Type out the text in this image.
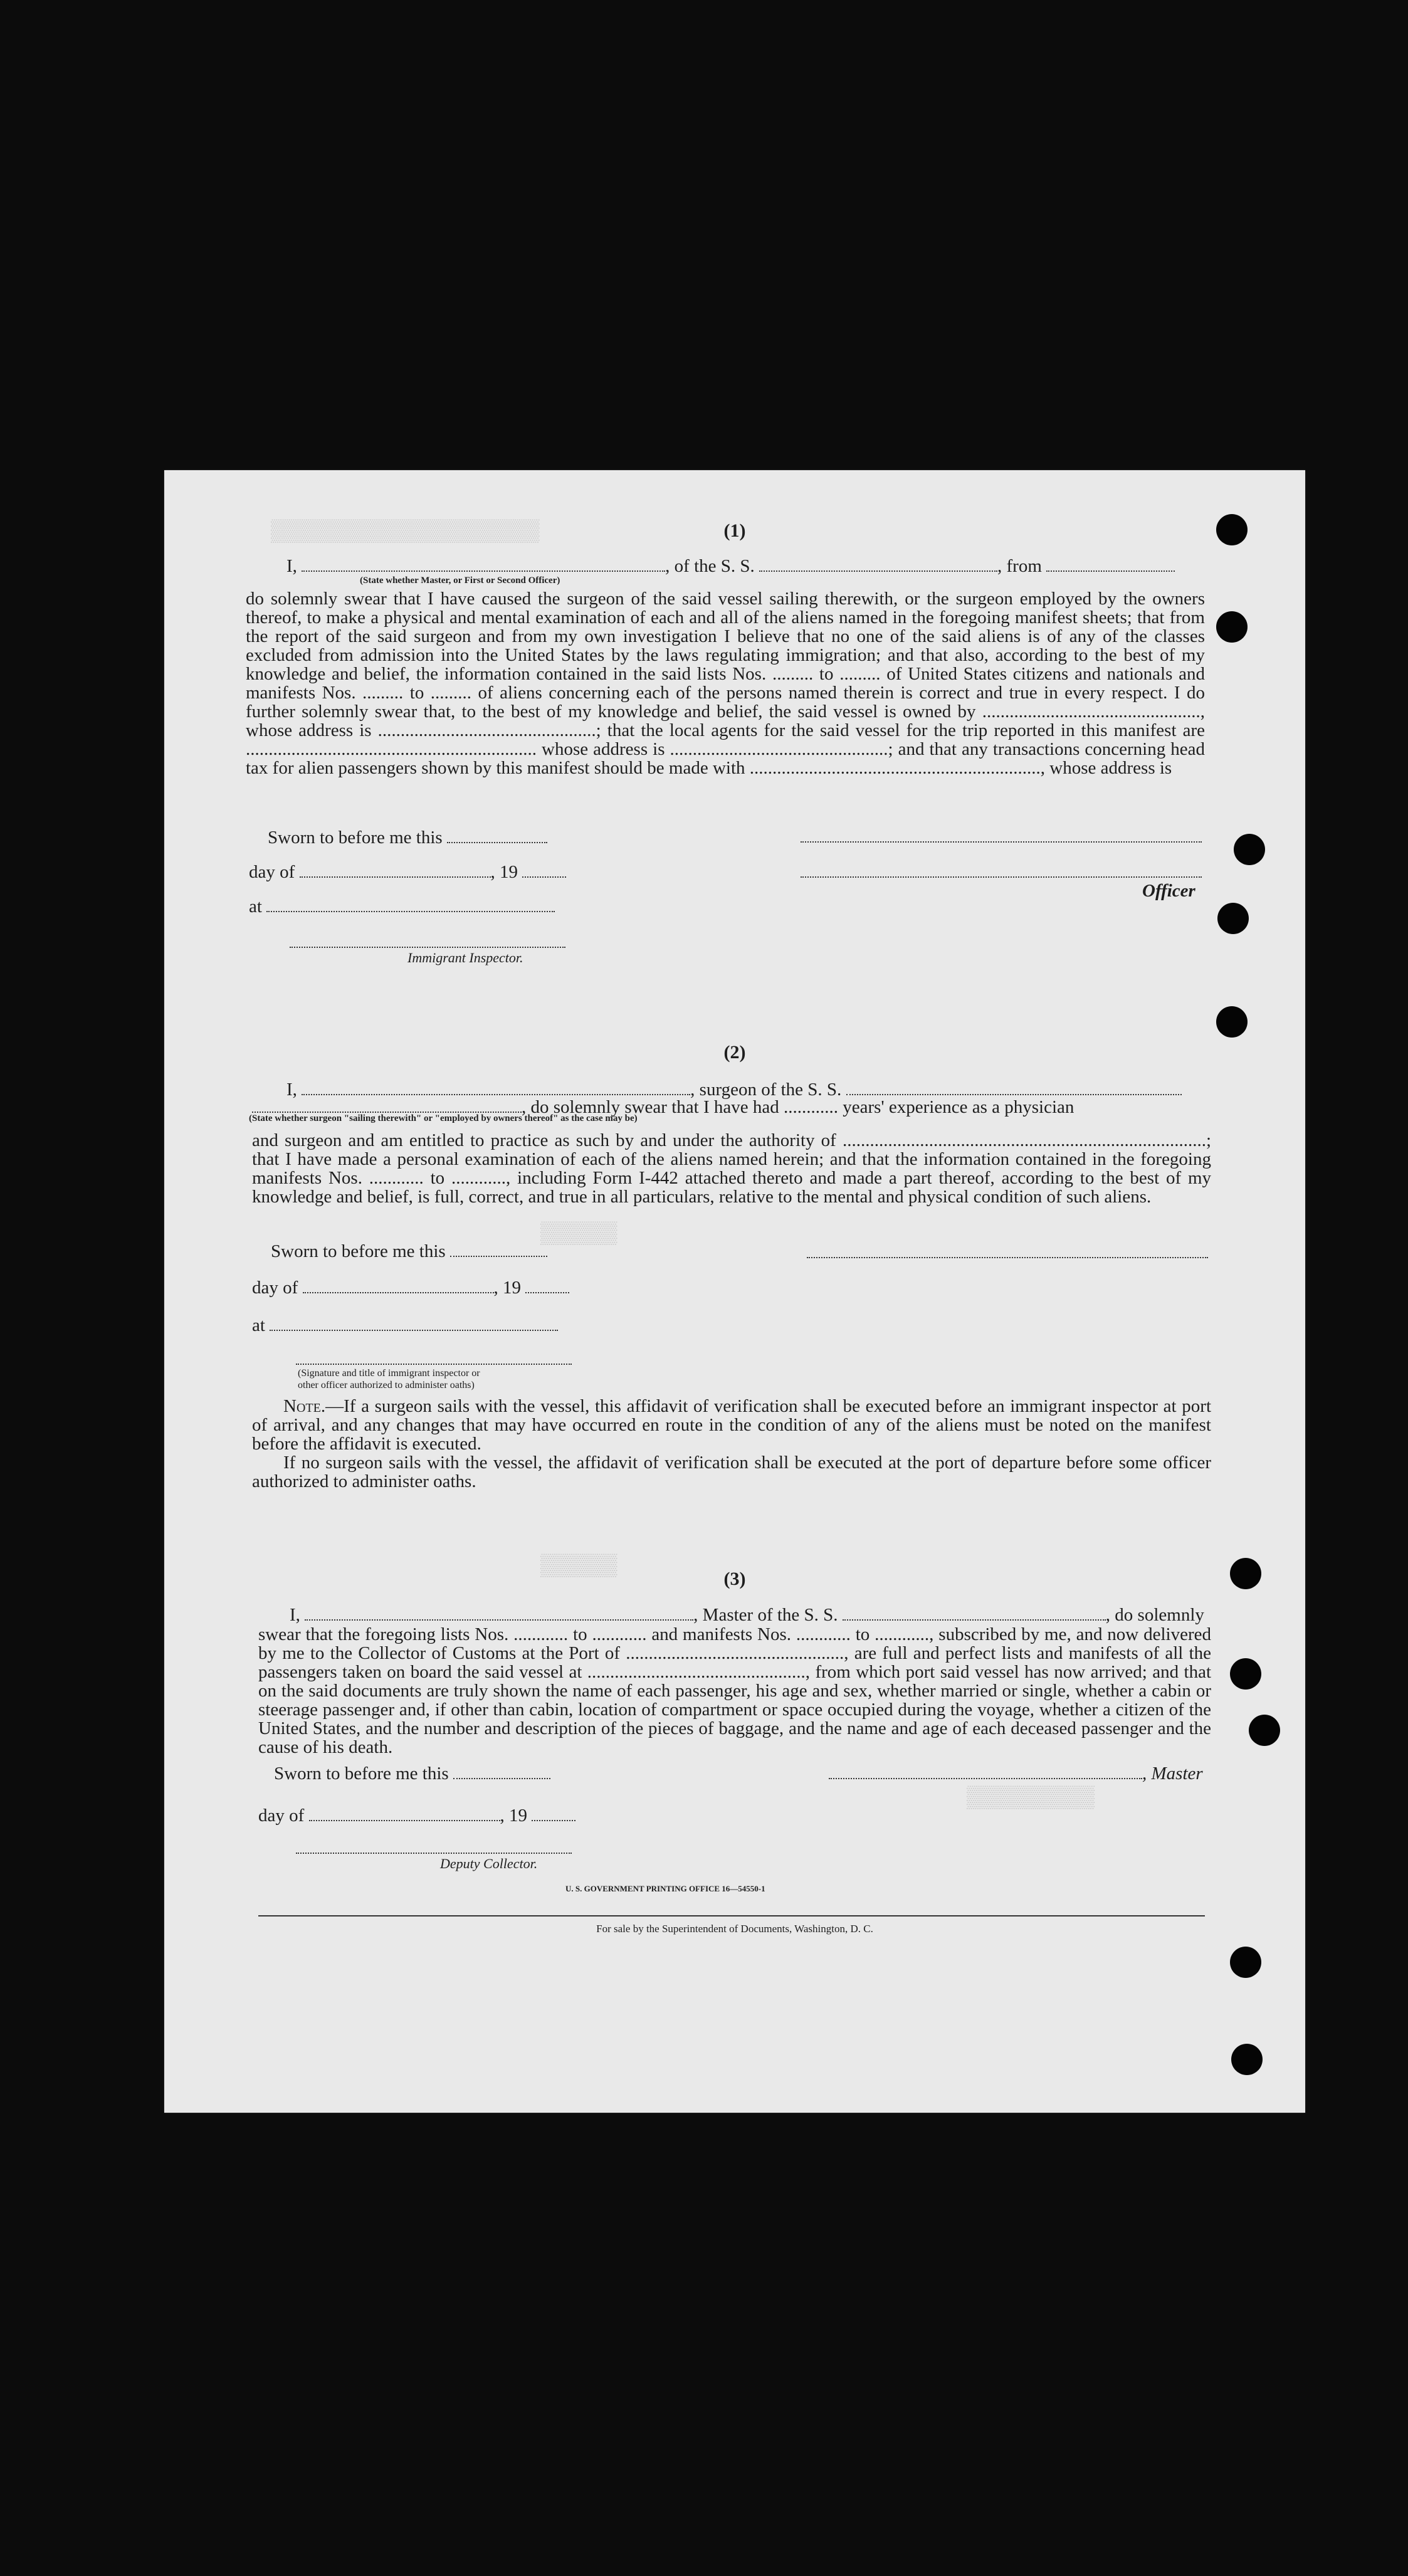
▒▒▒▒▒▒▒▒▒▒▒▒▒▒▒▒▒▒▒▒▒
▒▒▒▒▒▒
▒▒▒▒▒▒
▒▒▒▒▒▒▒▒▒▒
(1)
I,	, of the S. S.	, from
(State whether Master, or First or Second Officer)
do solemnly swear that I have caused the surgeon of the said vessel sailing therewith, or the surgeon employed by the owners thereof, to make a physical and mental examination of each and all of the aliens named in the foregoing manifest sheets; that from the report of the said surgeon and from my own investigation I believe that no one of the said aliens is of any of the classes excluded from admission into the United States by the laws regulating immigration; and that also, according to the best of my knowledge and belief, the information contained in the said lists Nos. ......... to ......... of United States citizens and nationals and manifests Nos. ......... to ......... of aliens concerning each of the persons named therein is correct and true in every respect. I do further solemnly swear that, to the best of my knowledge and belief, the said vessel is owned by ................................................, whose address is ................................................; that the local agents for the said vessel for the trip reported in this manifest are ................................................................ whose address is ................................................; and that any transactions concerning head tax for alien passengers shown by this manifest should be made with ................................................................, whose address is
Sworn to before me this
day of	, 19
Officer
at
Immigrant Inspector.
(2)
I,	, surgeon of the S. S.
, do solemnly swear that I have had ............ years' experience as a physician
(State whether surgeon "sailing therewith" or "employed by owners thereof" as the case may be)
and surgeon and am entitled to practice as such by and under the authority of ................................................................................; that I have made a personal examination of each of the aliens named herein; and that the information contained in the foregoing manifests Nos. ............ to ............, including Form I-442 attached thereto and made a part thereof, according to the best of my knowledge and belief, is full, correct, and true in all particulars, relative to the mental and physical condition of such aliens.
Sworn to before me this
day of	, 19
at
(Signature and title of immigrant inspector or
other officer authorized to administer oaths)
Note.—If a surgeon sails with the vessel, this affidavit of verification shall be executed before an immigrant inspector at port of arrival, and any changes that may have occurred en route in the condition of any of the aliens must be noted on the manifest before the affidavit is executed.
If no surgeon sails with the vessel, the affidavit of verification shall be executed at the port of departure before some officer authorized to administer oaths.
(3)
I,	, Master of the S. S.	, do solemnly
swear that the foregoing lists Nos. ............ to ............ and manifests Nos. ............ to ............, subscribed by me, and now delivered by me to the Collector of Customs at the Port of ................................................, are full and perfect lists and manifests of all the passengers taken on board the said vessel at ................................................, from which port said vessel has now arrived; and that on the said documents are truly shown the name of each passenger, his age and sex, whether married or single, whether a cabin or steerage passenger and, if other than cabin, location of compartment or space occupied during the voyage, whether a citizen of the United States, and the number and description of the pieces of baggage, and the name and age of each deceased passenger and the cause of his death.
Sworn to before me this	, Master
day of	, 19
Deputy Collector.
U. S. GOVERNMENT PRINTING OFFICE 16—54550-1
For sale by the Superintendent of Documents, Washington, D. C.
